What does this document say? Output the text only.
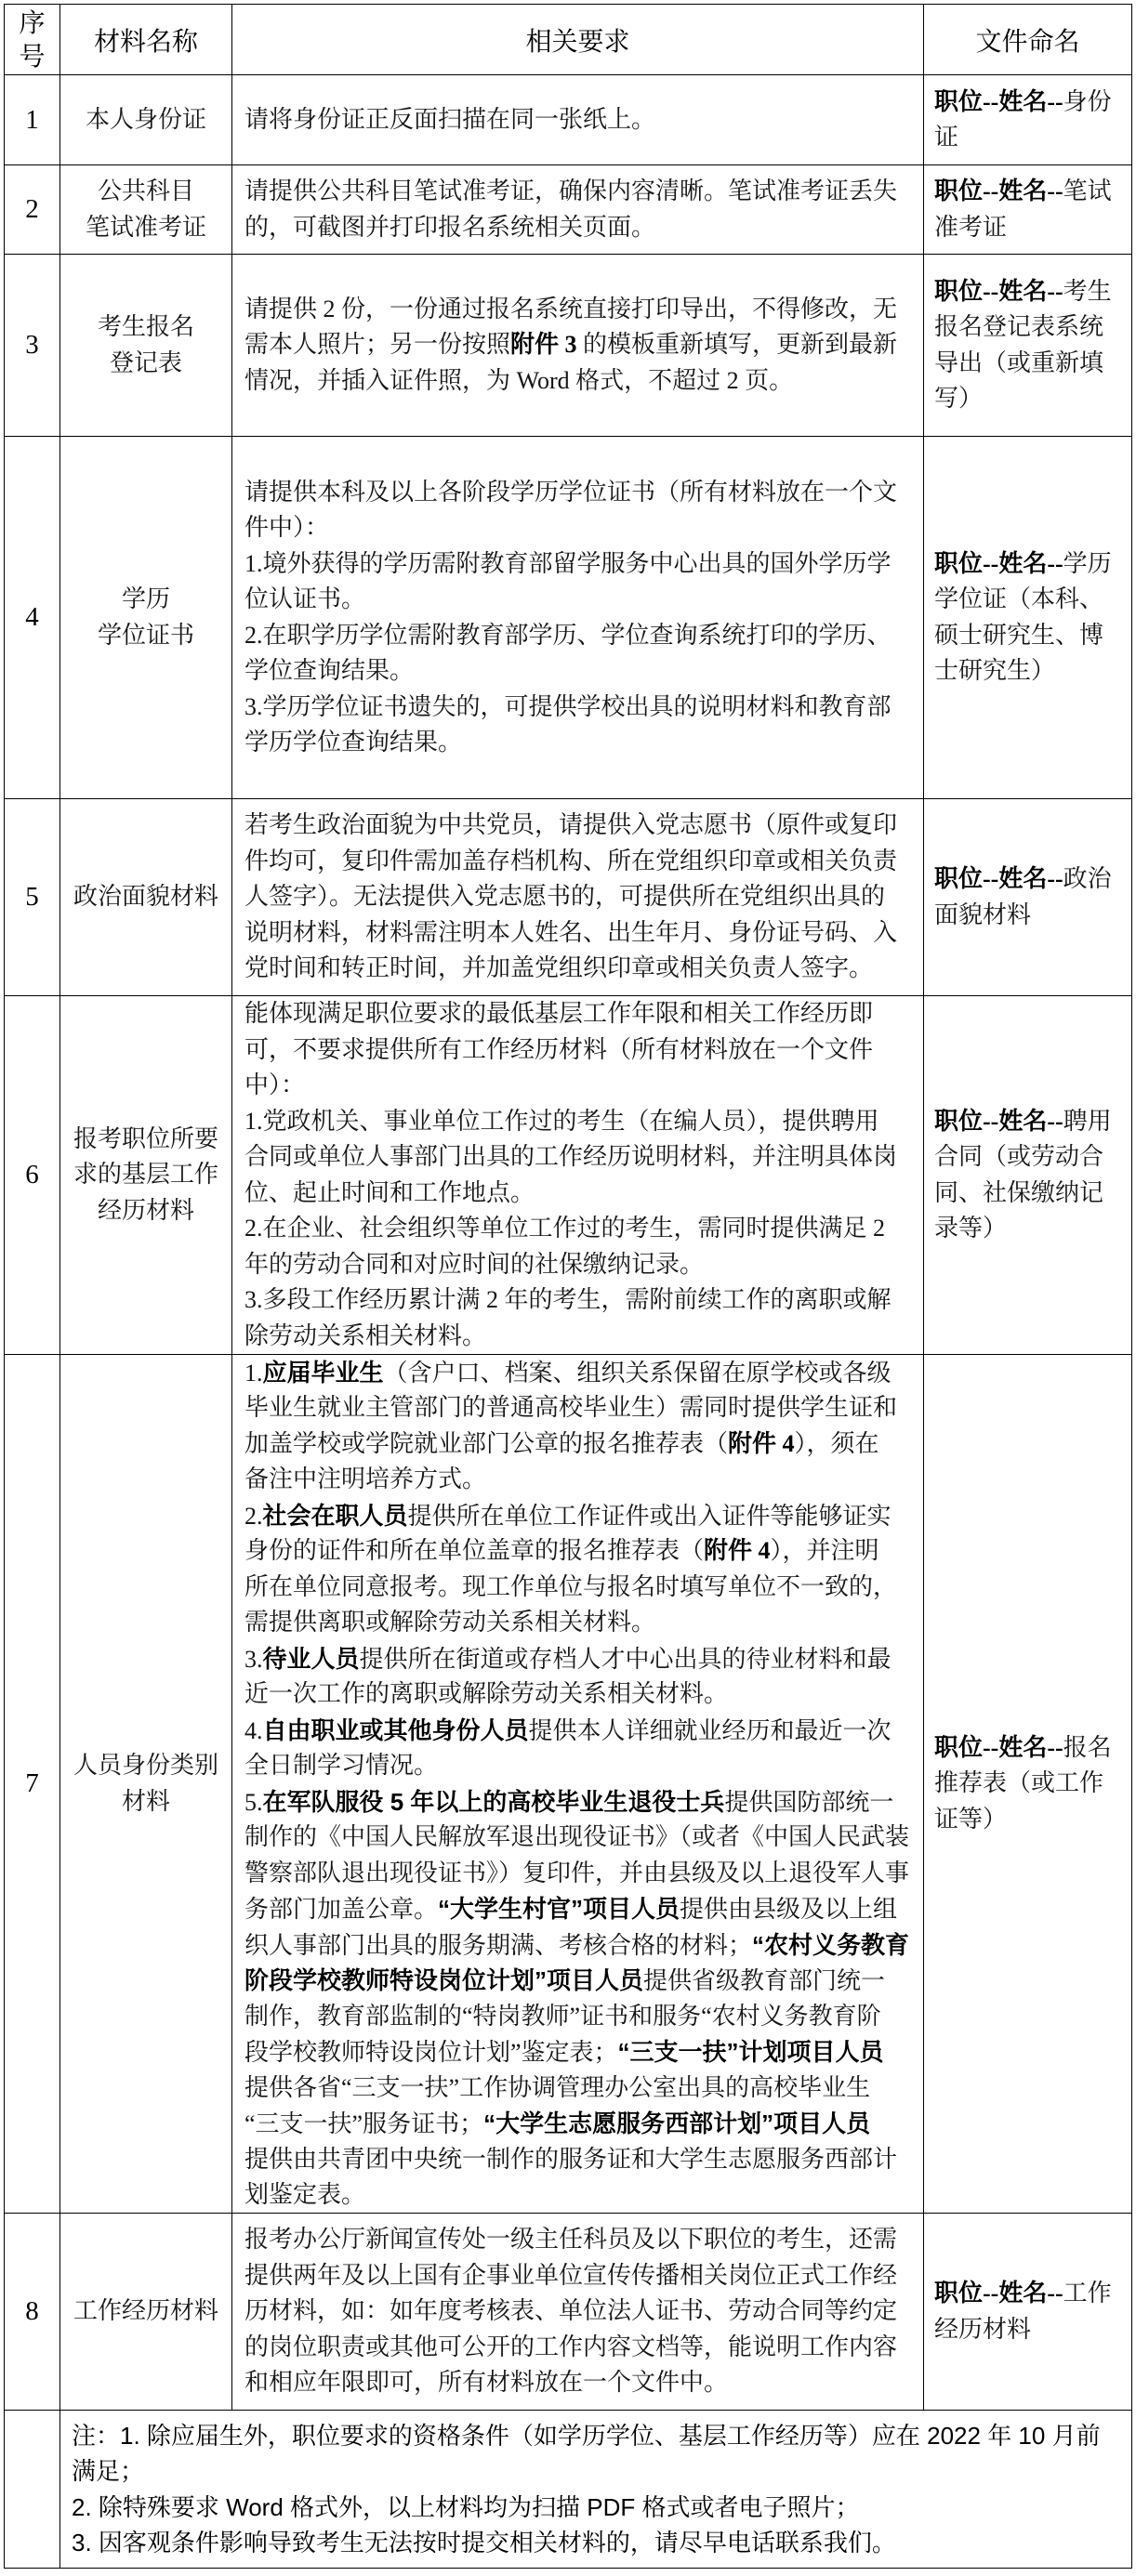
序号
材料名称	相关要求	文件命名
1 本人身份证 请将身份证正反面扫描在同一张纸上。
职位--姓名--身份
证
2
公共科目
笔试准考证
请提供公共科目笔试准考证，确保内容清晰。笔试准考证丢失
的，可截图并打印报名系统相关页面。
职位--姓名--笔试
准考证
3
考生报名
登记表
请提供 2 份，一份通过报名系统直接打印导出，不得修改，无
需本人照片；另一份按照附件 3 的模板重新填写，更新到最新
情况，并插入证件照，为 Word 格式，不超过 2 页。
职位--姓名--考生
报名登记表系统
导出（或重新填
写）
4
学历
学位证书
请提供本科及以上各阶段学历学位证书（所有材料放在一个文
件中）：
1.境外获得的学历需附教育部留学服务中心出具的国外学历学
位认证书。
2.在职学历学位需附教育部学历、学位查询系统打印的学历、
学位查询结果。
3.学历学位证书遗失的，可提供学校出具的说明材料和教育部
学历学位查询结果。
职位--姓名--学历
学位证（本科、
硕士研究生、博
士研究生）
5 政治面貌材料
若考生政治面貌为中共党员，请提供入党志愿书（原件或复印
件均可，复印件需加盖存档机构、所在党组织印章或相关负责
人签字）。无法提供入党志愿书的，可提供所在党组织出具的
说明材料，材料需注明本人姓名、出生年月、身份证号码、入
党时间和转正时间，并加盖党组织印章或相关负责人签字。
职位--姓名--政治
面貌材料
6
报考职位所要
求的基层工作
经历材料
能体现满足职位要求的最低基层工作年限和相关工作经历即
可，不要求提供所有工作经历材料（所有材料放在一个文件
中）：
1.党政机关、事业单位工作过的考生（在编人员），提供聘用
合同或单位人事部门出具的工作经历说明材料，并注明具体岗
位、起止时间和工作地点。
2.在企业、社会组织等单位工作过的考生，需同时提供满足 2
年的劳动合同和对应时间的社保缴纳记录。
3.多段工作经历累计满 2 年的考生，需附前续工作的离职或解
除劳动关系相关材料。
职位--姓名--聘用
合同（或劳动合
同、社保缴纳记
录等）
7
人员身份类别
材料
1.应届毕业生（含户口、档案、组织关系保留在原学校或各级
毕业生就业主管部门的普通高校毕业生）需同时提供学生证和
加盖学校或学院就业部门公章的报名推荐表（附件 4），须在
备注中注明培养方式。
2.社会在职人员提供所在单位工作证件或出入证件等能够证实
身份的证件和所在单位盖章的报名推荐表（附件 4），并注明
所在单位同意报考。现工作单位与报名时填写单位不一致的，
需提供离职或解除劳动关系相关材料。
3.待业人员提供所在街道或存档人才中心出具的待业材料和最
近一次工作的离职或解除劳动关系相关材料。
4.自由职业或其他身份人员提供本人详细就业经历和最近一次
全日制学习情况。
5.在军队服役 5 年以上的高校毕业生退役士兵提供国防部统一
制作的《中国人民解放军退出现役证书》（或者《中国人民武装
警察部队退出现役证书》）复印件，并由县级及以上退役军人事
务部门加盖公章。“大学生村官”项目人员提供由县级及以上组
织人事部门出具的服务期满、考核合格的材料；“农村义务教育
阶段学校教师特设岗位计划”项目人员提供省级教育部门统一
制作，教育部监制的“特岗教师”证书和服务“农村义务教育阶
段学校教师特设岗位计划”鉴定表；“三支一扶”计划项目人员
提供各省“三支一扶”工作协调管理办公室出具的高校毕业生
“三支一扶”服务证书；“大学生志愿服务西部计划”项目人员
提供由共青团中央统一制作的服务证和大学生志愿服务西部计
划鉴定表。
职位--姓名--报名
推荐表（或工作
证等）
8 工作经历材料
报考办公厅新闻宣传处一级主任科员及以下职位的考生，还需
提供两年及以上国有企事业单位宣传传播相关岗位正式工作经
历材料，如：如年度考核表、单位法人证书、劳动合同等约定
的岗位职责或其他可公开的工作内容文档等，能说明工作内容
和相应年限即可，所有材料放在一个文件中。
职位--姓名--工作
经历材料
注：1. 除应届生外，职位要求的资格条件（如学历学位、基层工作经历等）应在 2022 年 10 月前
满足；
2. 除特殊要求 Word 格式外，以上材料均为扫描 PDF 格式或者电子照片；
3. 因客观条件影响导致考生无法按时提交相关材料的，请尽早电话联系我们。
